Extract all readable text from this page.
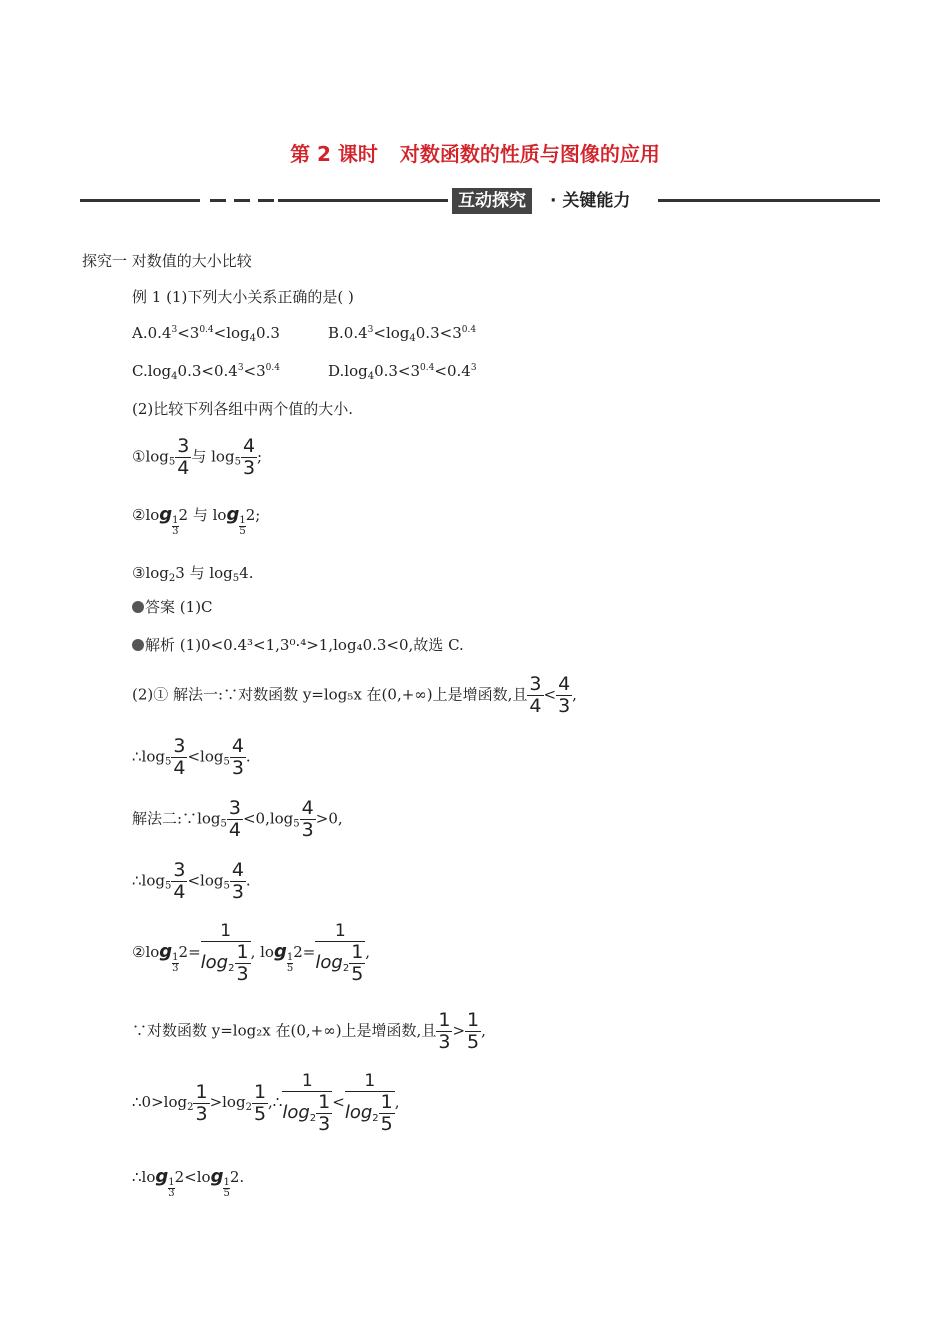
第 2 课时 对数函数的性质与图像的应用
互动探究	· 关键能力
探究一 对数值的大小比较
例 1 (1)下列大小关系正确的是( )
$A.0.4^3<3^{0.4}<\log_40.3$	$B.0.4^3<\log_40.3<3^{0.4}$
$C.\log_40.3<0.4^3<3^{0.4}$	$D.\log_40.3<3^{0.4}<0.4^3$
(2)比较下列各组中两个值的大小.
$①\log_5 \frac{3}{4}$ 与 $\log_5 \frac{4}{3}$ ;
②log
$\frac{1}{3}$
2 与 log
$\frac{1}{5}$
2;
$③\log_23$ 与 $\log_54$.
答案 (1)C
解析 (1)0<0.4³<1,3⁰·⁴>1,log₄0.3<0,故选 C.
(2)① 解法一:∵对数函数 y=log₅x 在(0,+∞)上是增函数,且 $\frac{3}{4} < \frac{4}{3}$ ,
$\therefore\log_5 \frac{3}{4} <\log_5 \frac{4}{3}$ .
解法二$:\because\log_5 \frac{3}{4} <0,\log_5 \frac{4}{3} >0$,
$\therefore\log_5 \frac{3}{4} <\log_5 \frac{4}{3}$ .
②log
$\frac{1}{3}$
$2= \frac{1}{\log_2 \frac{1}{3}}$ , log
$\frac{1}{5}$
$2= \frac{1}{\log_2 \frac{1}{5}}$ ,
∵对数函数 y=log₂x 在(0,+∞)上是增函数,且 $\frac{1}{3} > \frac{1}{5}$ ,
$\therefore 0>\log_2 \frac{1}{3} >\log_2 \frac{1}{5}$ ,∴ $\frac{1}{\log_2 \frac{1}{3}} < \frac{1}{\log_2 \frac{1}{5}}$ ,
∴log
$\frac{1}{3}$
2<log
$\frac{1}{5}$
2.
